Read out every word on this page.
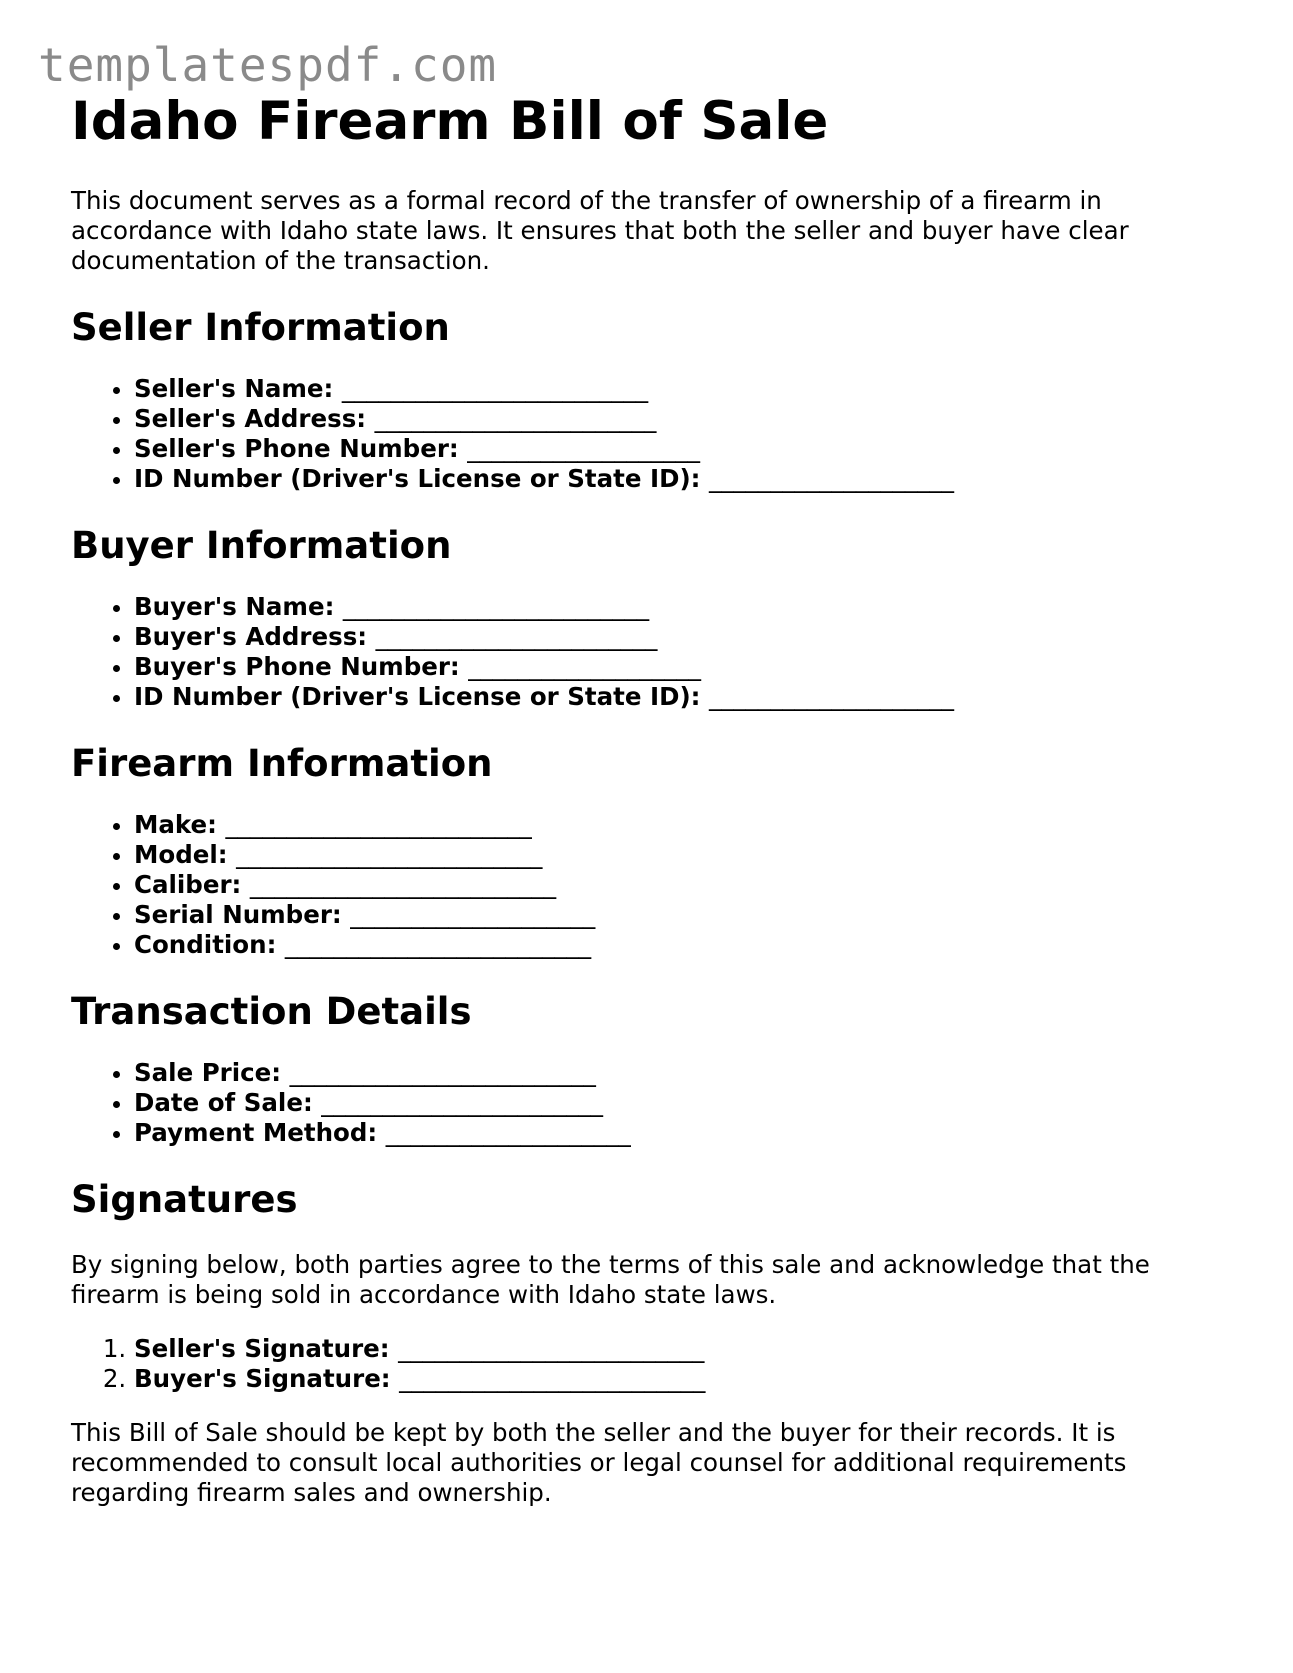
templatespdf.com
Idaho Firearm Bill of Sale

This document serves as a formal record of the transfer of ownership of a firearm in accordance with Idaho state laws. It ensures that both the seller and buyer have clear documentation of the transaction.

Seller Information
• Seller's Name: _________________________
• Seller's Address: _______________________
• Seller's Phone Number: ___________________
• ID Number (Driver's License or State ID): ____________________
Buyer Information
• Buyer's Name: _________________________
• Buyer's Address: _______________________
• Buyer's Phone Number: ___________________
• ID Number (Driver's License or State ID): ____________________
Firearm Information
• Make: _________________________
• Model: _________________________
• Caliber: _________________________
• Serial Number: ____________________
• Condition: _________________________
Transaction Details
• Sale Price: _________________________
• Date of Sale: _______________________
• Payment Method: ____________________
Signatures

By signing below, both parties agree to the terms of this sale and acknowledge that the firearm is being sold in accordance with Idaho state laws.

1. Seller's Signature: _________________________
2. Buyer's Signature: _________________________

This Bill of Sale should be kept by both the seller and the buyer for their records. It is recommended to consult local authorities or legal counsel for additional requirements regarding firearm sales and ownership.
